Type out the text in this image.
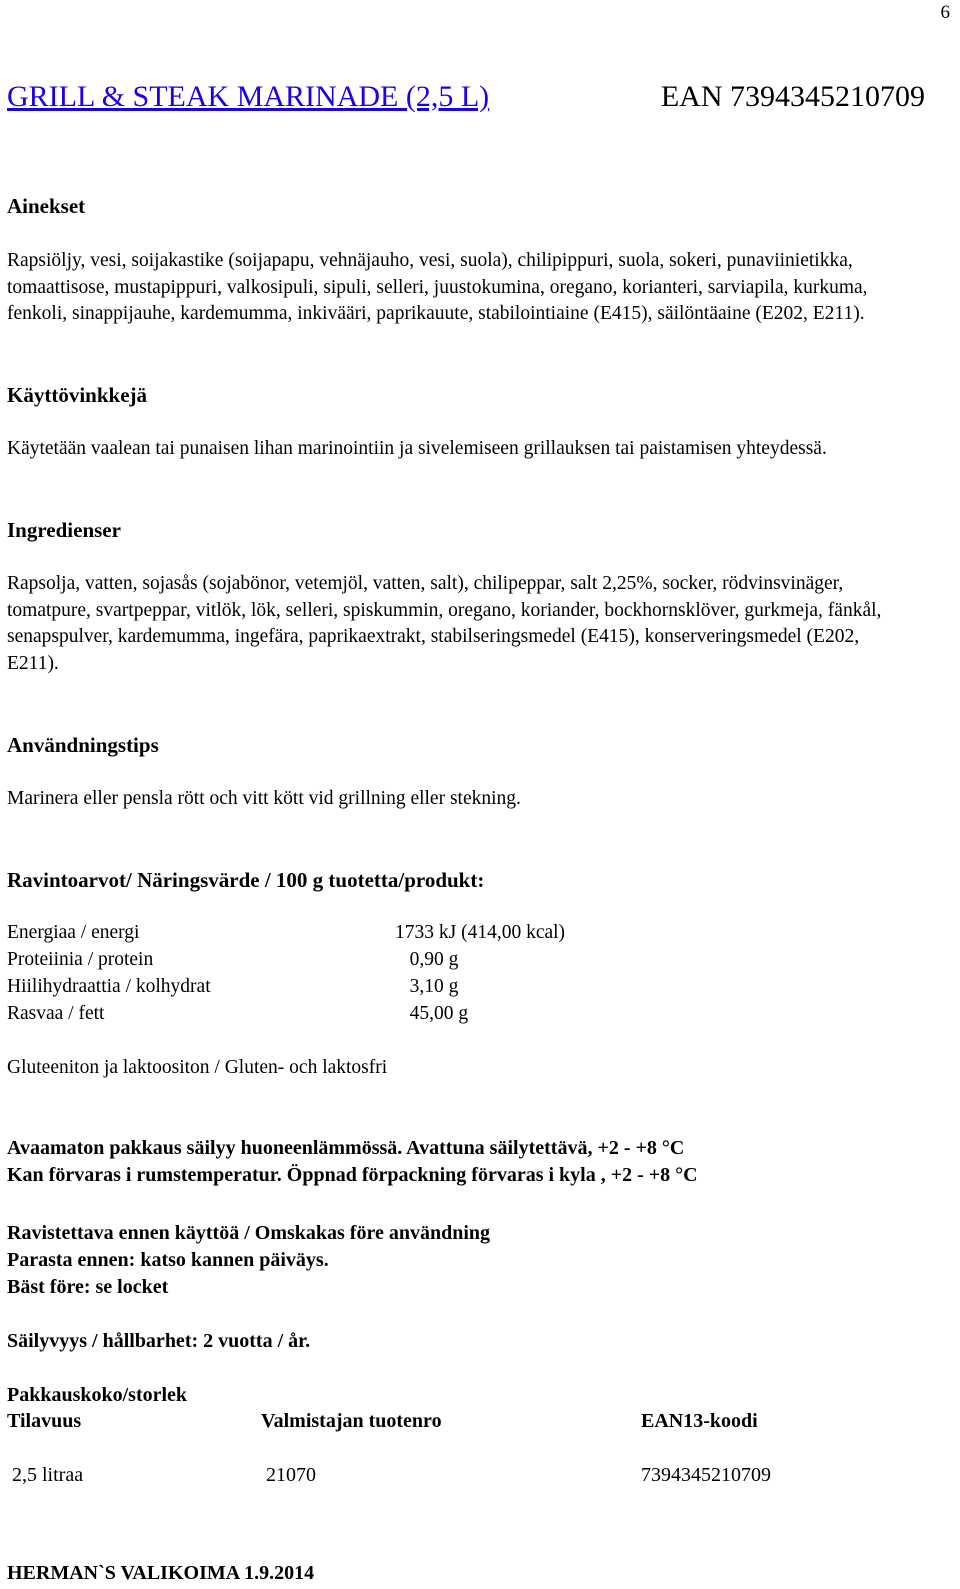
6
GRILL & STEAK MARINADE (2,5 L)	EAN 7394345210709
Ainekset
Rapsiöljy, vesi, soijakastike (soijapapu, vehnäjauho, vesi, suola), chilipippuri, suola, sokeri, punaviinietikka, tomaattisose, mustapippuri, valkosipuli, sipuli, selleri, juustokumina, oregano, korianteri, sarviapila, kurkuma, fenkoli, sinappijauhe, kardemumma, inkivääri, paprikauute, stabilointiaine (E415), säilöntäaine (E202, E211).
Käyttövinkkejä
Käytetään vaalean tai punaisen lihan marinointiin ja sivelemiseen grillauksen tai paistamisen yhteydessä.
Ingredienser
Rapsolja, vatten, sojasås (sojabönor, vetemjöl, vatten, salt), chilipeppar, salt 2,25%, socker, rödvinsvinäger, tomatpure, svartpeppar, vitlök, lök, selleri, spiskummin, oregano, koriander, bockhornsklöver, gurkmeja, fänkål, senapspulver, kardemumma, ingefära, paprikaextrakt, stabilseringsmedel (E415), konserveringsmedel (E202, E211).
Användningstips
Marinera eller pensla rött och vitt kött vid grillning eller stekning.
Ravintoarvot/ Näringsvärde / 100 g tuotetta/produkt:
Energiaa / energi	1733 kJ (414,00 kcal)
Proteiinia / protein	0,90 g
Hiilihydraattia / kolhydrat	3,10 g
Rasvaa / fett	45,00 g
Gluteeniton ja laktoositon / Gluten- och laktosfri
Avaamaton pakkaus säilyy huoneenlämmössä. Avattuna säilytettävä, +2 - +8 °C
Kan förvaras i rumstemperatur. Öppnad förpackning förvaras i kyla , +2 - +8 °C
Ravistettava ennen käyttöä / Omskakas före användning
Parasta ennen: katso kannen päiväys.
Bäst före: se locket
Säilyvyys / hållbarhet: 2 vuotta / år.
Pakkauskoko/storlek
Tilavuus	Valmistajan tuotenro	EAN13-koodi
2,5 litraa	21070	7394345210709
HERMAN`S VALIKOIMA 1.9.2014
